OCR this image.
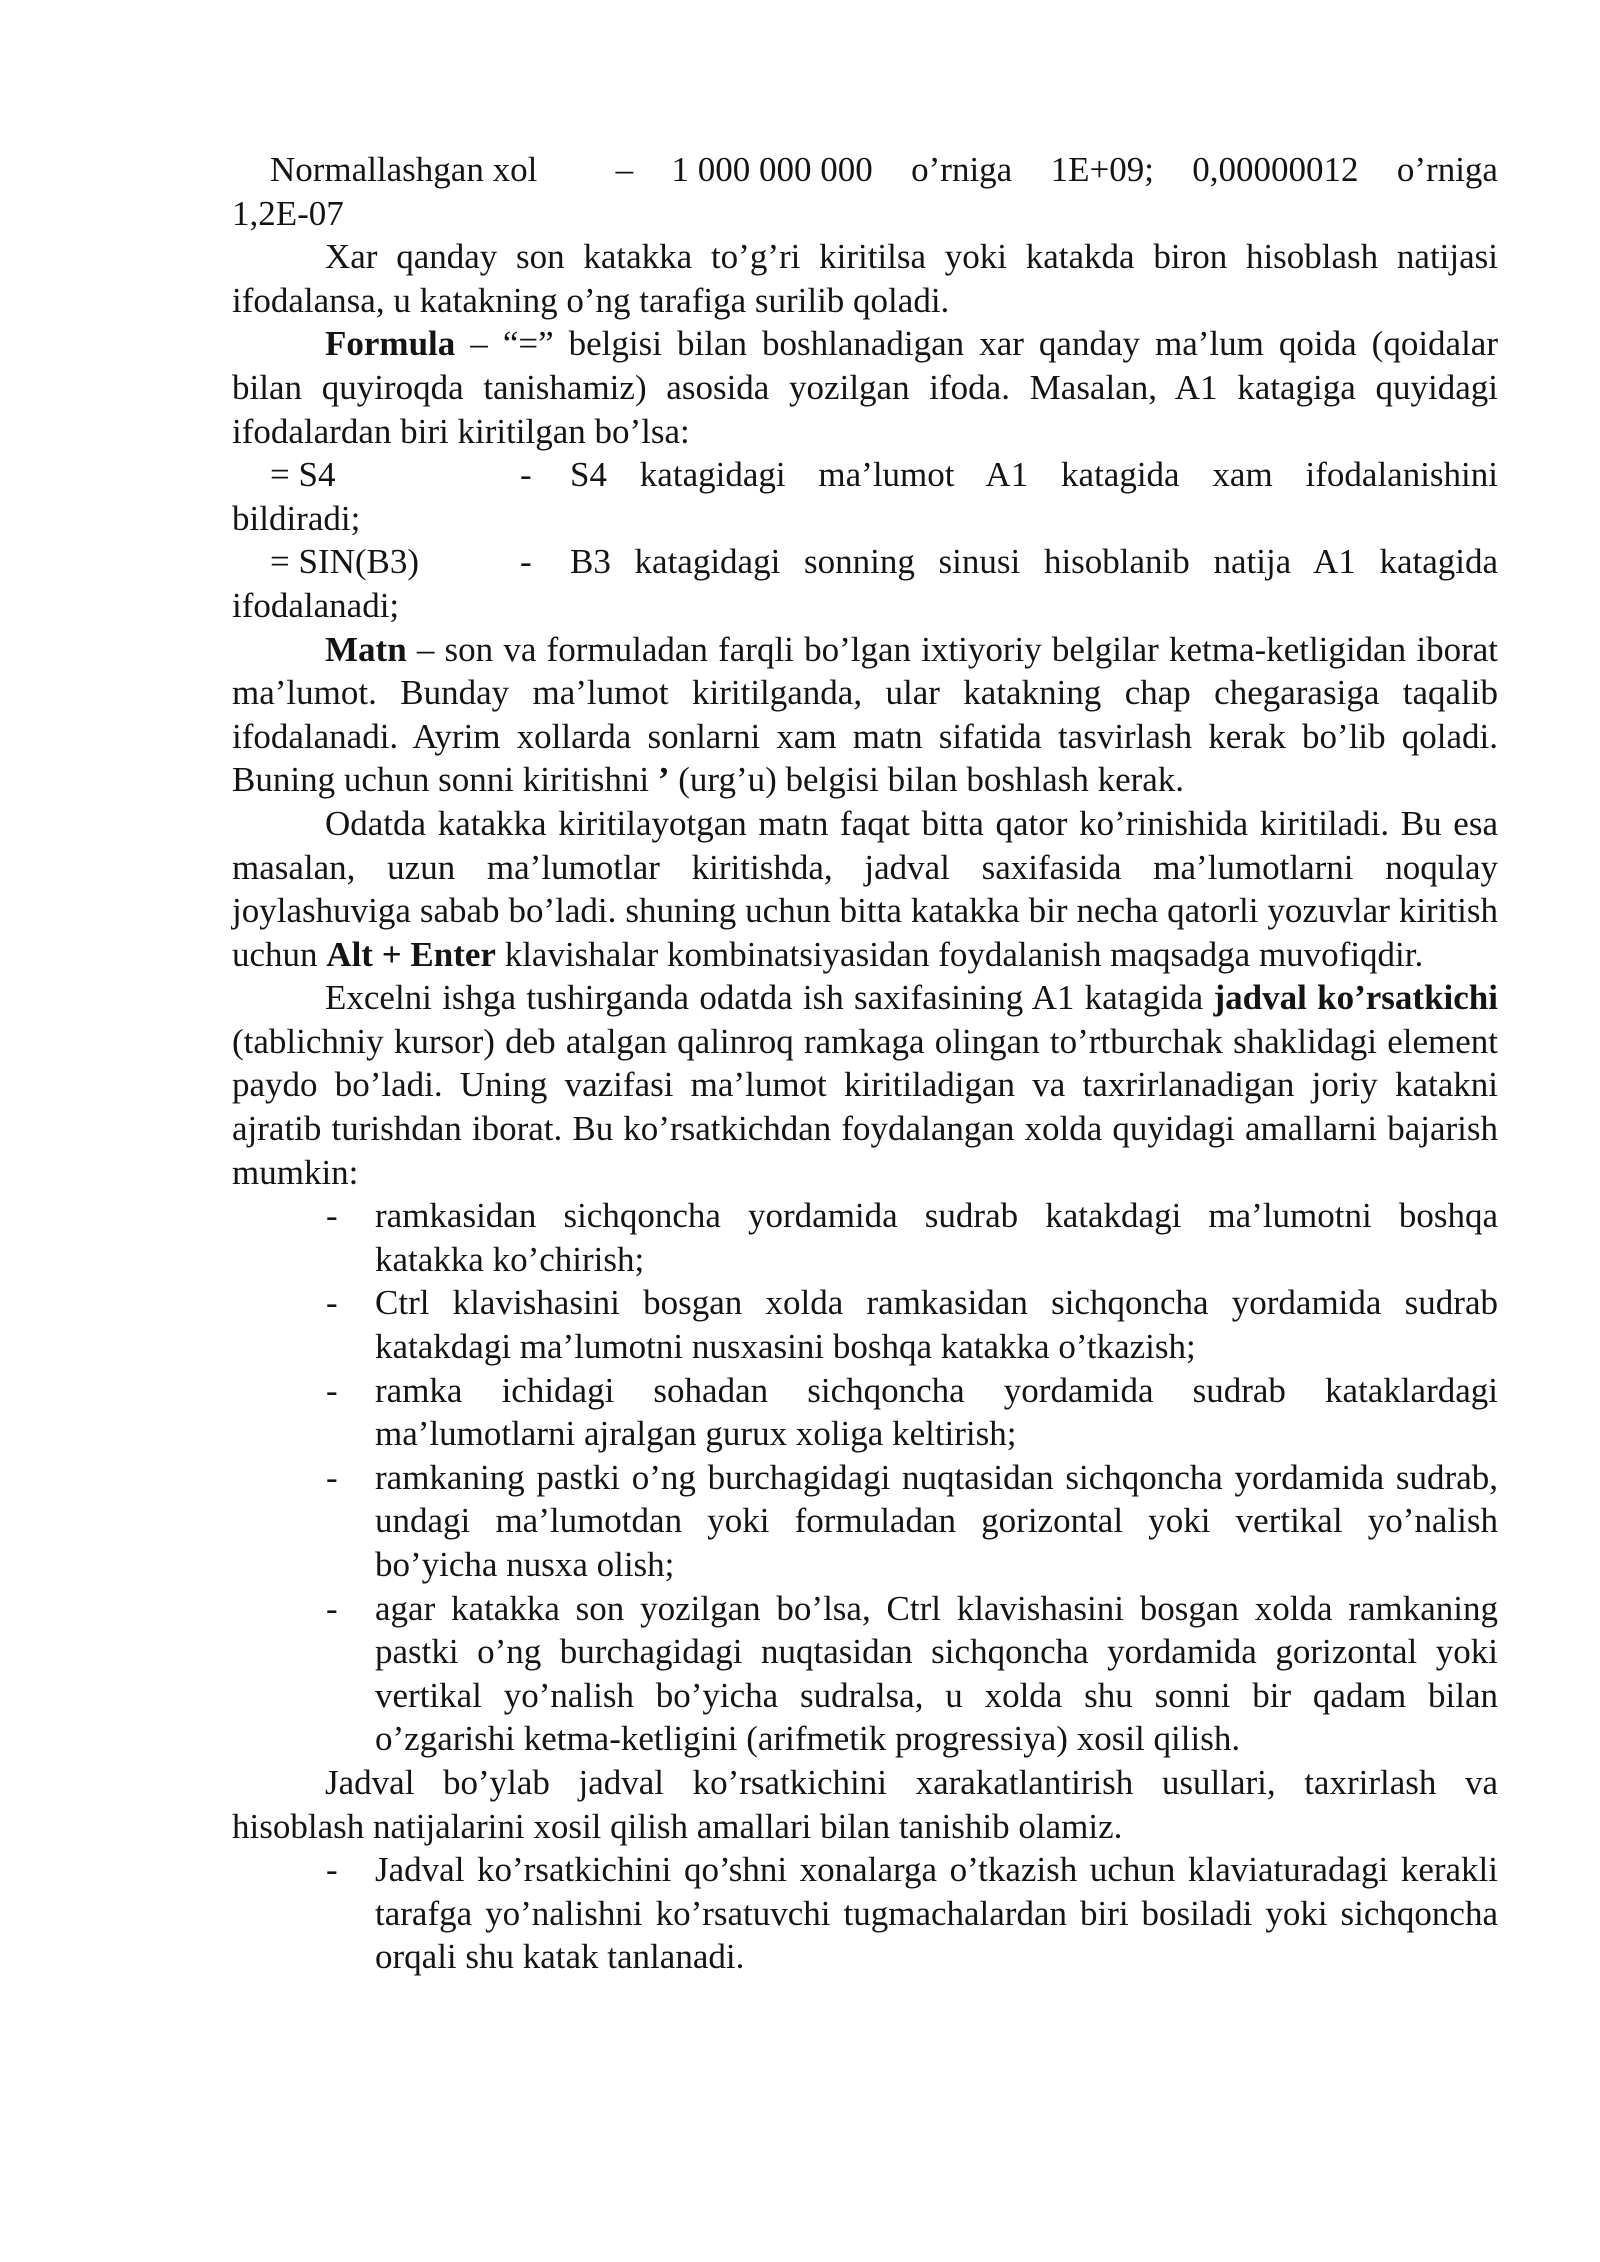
Normallashgan xol – 1 000 000 000 o’rniga 1E+09; 0,00000012 o’rniga

1,2E-07

Xar qanday son katakka to’g’ri kiritilsa yoki katakda biron hisoblash natijasi ifodalansa, u katakning o’ng tarafiga surilib qoladi.

Formula – “=” belgisi bilan boshlanadigan xar qanday ma’lum qoida (qoidalar bilan quyiroqda tanishamiz) asosida yozilgan ifoda. Masalan, A1 katagiga quyidagi ifodalardan biri kiritilgan bo’lsa:

= S4	-	S4 katagidagi ma’lumot A1 katagida xam ifodalanishini

bildiradi;

= SIN(B3)	-	B3 katagidagi sonning sinusi hisoblanib natija A1 katagida

ifodalanadi;

Matn – son va formuladan farqli bo’lgan ixtiyoriy belgilar ketma-ketligidan iborat ma’lumot. Bunday ma’lumot kiritilganda, ular katakning chap chegarasiga taqalib ifodalanadi. Ayrim xollarda sonlarni xam matn sifatida tasvirlash kerak bo’lib qoladi. Buning uchun sonni kiritishni ’ (urg’u) belgisi bilan boshlash kerak.

Odatda katakka kiritilayotgan matn faqat bitta qator ko’rinishida kiritiladi. Bu esa masalan, uzun ma’lumotlar kiritishda, jadval saxifasida ma’lumotlarni noqulay joylashuviga sabab bo’ladi. shuning uchun bitta katakka bir necha qatorli yozuvlar kiritish uchun Alt + Enter klavishalar kombinatsiyasidan foydalanish maqsadga muvofiqdir.

Excelni ishga tushirganda odatda ish saxifasining A1 katagida jadval ko’rsatkichi (tablichniy kursor) deb atalgan qalinroq ramkaga olingan to’rtburchak shaklidagi element paydo bo’ladi. Uning vazifasi ma’lumot kiritiladigan va taxrirlanadigan joriy katakni ajratib turishdan iborat. Bu ko’rsatkichdan foydalangan xolda quyidagi amallarni bajarish mumkin:

- ramkasidan sichqoncha yordamida sudrab katakdagi ma’lumotni boshqa katakka ko’chirish;
- Ctrl klavishasini bosgan xolda ramkasidan sichqoncha yordamida sudrab katakdagi ma’lumotni nusxasini boshqa katakka o’tkazish;
- ramka ichidagi sohadan sichqoncha yordamida sudrab kataklardagi ma’lumotlarni ajralgan gurux xoliga keltirish;
- ramkaning pastki o’ng burchagidagi nuqtasidan sichqoncha yordamida sudrab, undagi ma’lumotdan yoki formuladan gorizontal yoki vertikal yo’nalish bo’yicha nusxa olish;
- agar katakka son yozilgan bo’lsa, Ctrl klavishasini bosgan xolda ramkaning pastki o’ng burchagidagi nuqtasidan sichqoncha yordamida gorizontal yoki vertikal yo’nalish bo’yicha sudralsa, u xolda shu sonni bir qadam bilan o’zgarishi ketma-ketligini (arifmetik progressiya) xosil qilish.

Jadval bo’ylab jadval ko’rsatkichini xarakatlantirish usullari, taxrirlash va hisoblash natijalarini xosil qilish amallari bilan tanishib olamiz.

- Jadval ko’rsatkichini qo’shni xonalarga o’tkazish uchun klaviaturadagi kerakli tarafga yo’nalishni ko’rsatuvchi tugmachalardan biri bosiladi yoki sichqoncha orqali shu katak tanlanadi.
